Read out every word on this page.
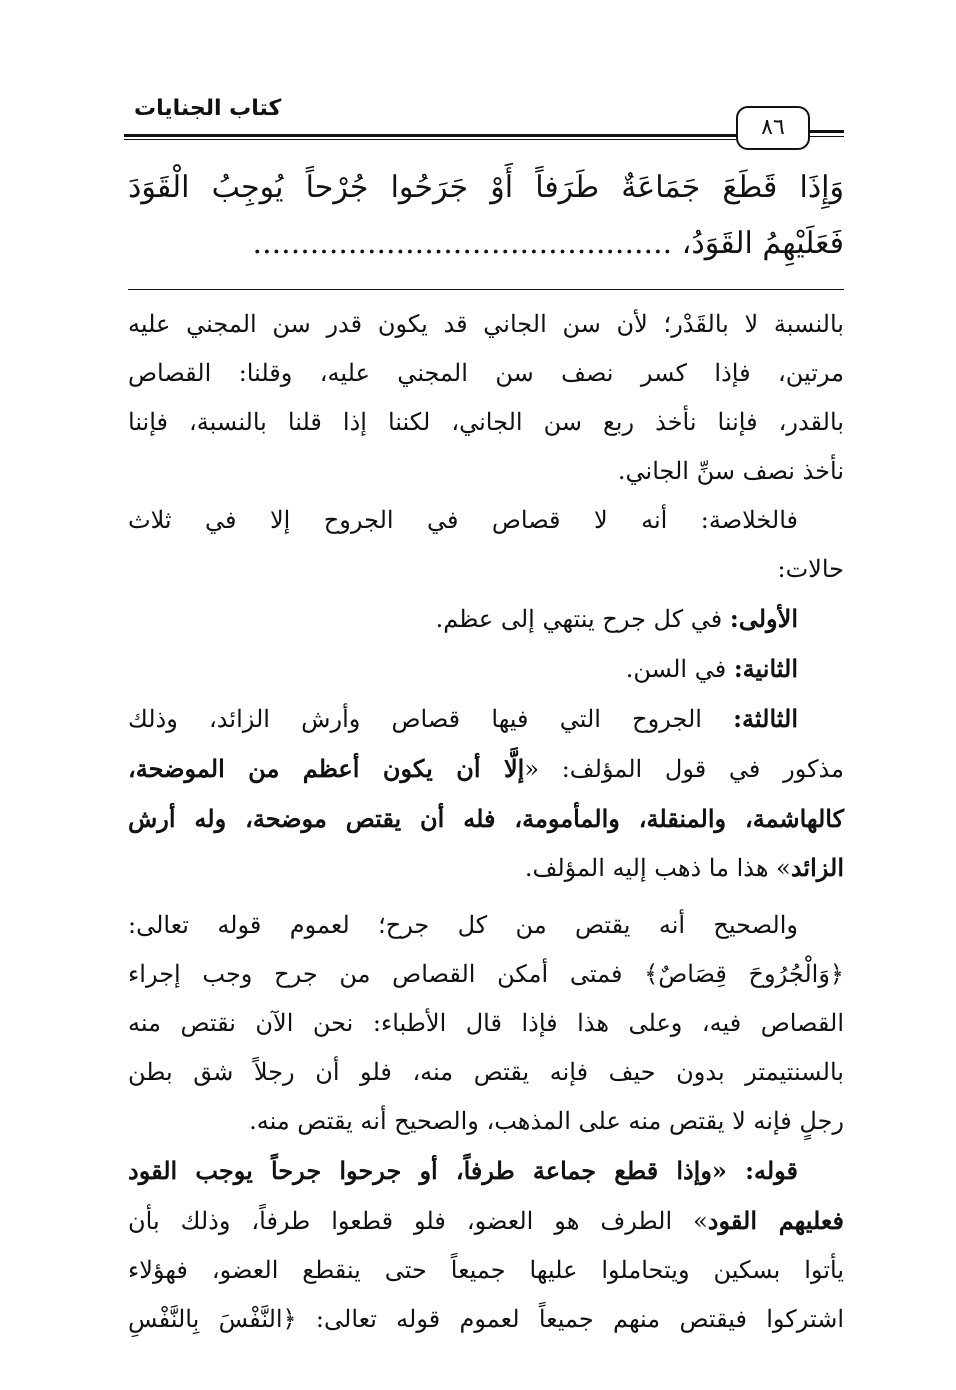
كتاب الجنايات
٨٦
وَإِذَا قَطَعَ جَمَاعَةٌ طَرَفاً أَوْ جَرَحُوا جُرْحاً يُوجِبُ الْقَوَدَ
فَعَلَيْهِمُ القَوَدُ، ............................................
بالنسبة لا بالقَدْر؛ لأن سن الجاني قد يكون قدر سن المجني عليه
مرتين، فإذا كسر نصف سن المجني عليه، وقلنا: القصاص
بالقدر، فإننا نأخذ ربع سن الجاني، لكننا إذا قلنا بالنسبة، فإننا
نأخذ نصف سنِّ الجاني.
فالخلاصة: أنه لا قصاص في الجروح إلا في ثلاث
حالات:
الأولى: في كل جرح ينتهي إلى عظم.
الثانية: في السن.
الثالثة: الجروح التي فيها قصاص وأرش الزائد، وذلك
مذكور في قول المؤلف: «إلَّا أن يكون أعظم من الموضحة،
كالهاشمة، والمنقلة، والمأمومة، فله أن يقتص موضحة، وله أرش
الزائد» هذا ما ذهب إليه المؤلف.
والصحيح أنه يقتص من كل جرح؛ لعموم قوله تعالى:
﴿وَالْجُرُوحَ قِصَاصٌ﴾ فمتى أمكن القصاص من جرح وجب إجراء
القصاص فيه، وعلى هذا فإذا قال الأطباء: نحن الآن نقتص منه
بالسنتيمتر بدون حيف فإنه يقتص منه، فلو أن رجلاً شق بطن
رجلٍ فإنه لا يقتص منه على المذهب، والصحيح أنه يقتص منه.
قوله: «وإذا قطع جماعة طرفاً، أو جرحوا جرحاً يوجب القود
فعليهم القود» الطرف هو العضو، فلو قطعوا طرفاً، وذلك بأن
يأتوا بسكين ويتحاملوا عليها جميعاً حتى ينقطع العضو، فهؤلاء
اشتركوا فيقتص منهم جميعاً لعموم قوله تعالى: ﴿النَّفْسَ بِالنَّفْسِ
